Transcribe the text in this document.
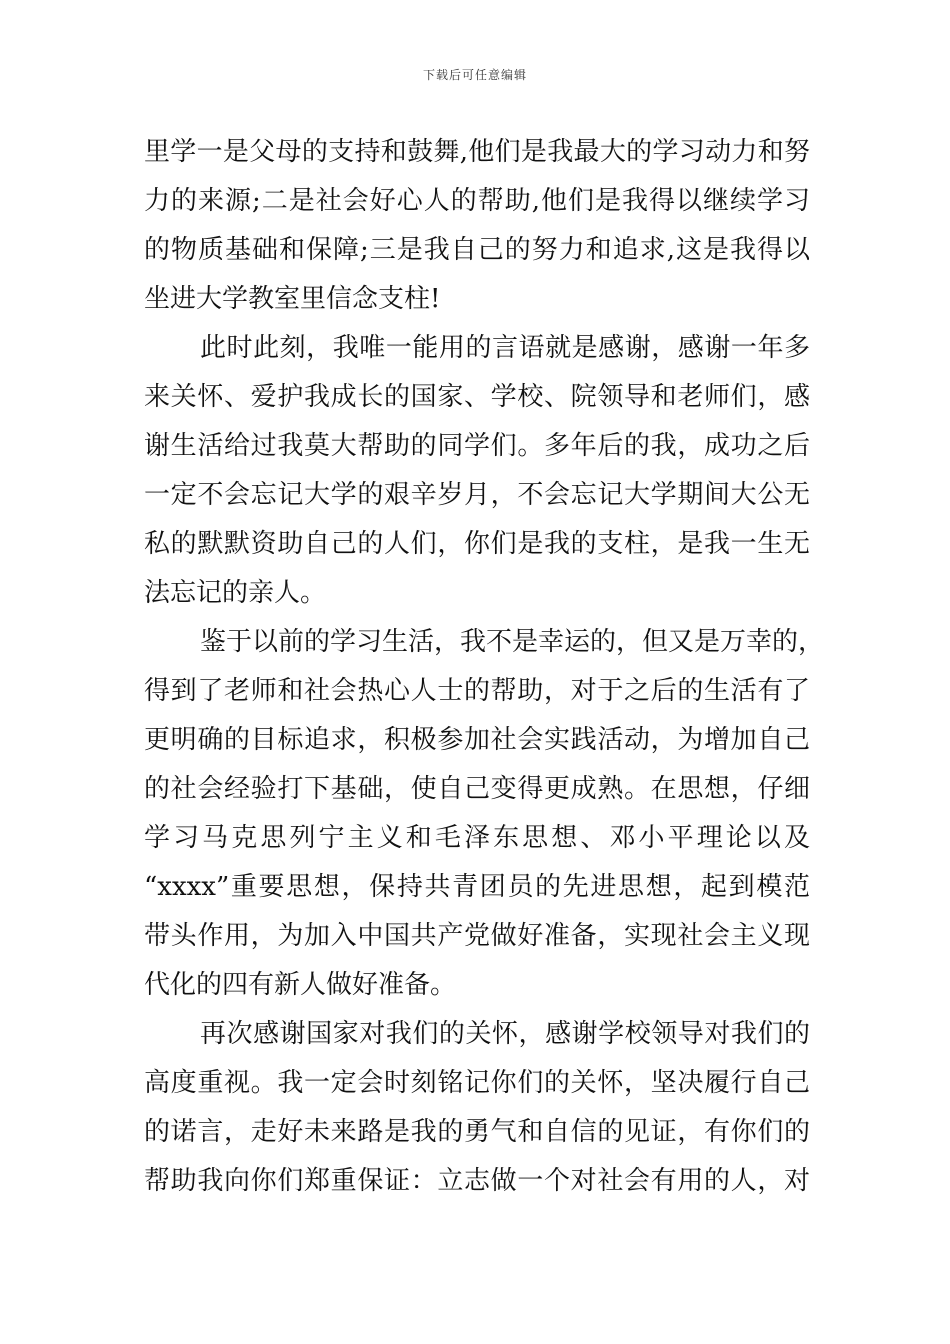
下载后可任意编辑
里学一是父母的支持和鼓舞,他们是我最大的学习动力和努
力的来源;二是社会好心人的帮助,他们是我得以继续学习
的物质基础和保障;三是我自己的努力和追求,这是我得以
坐进大学教室里信念支柱!
此时此刻，我唯一能用的言语就是感谢，感谢一年多
来关怀、爱护我成长的国家、学校、院领导和老师们，感
谢生活给过我莫大帮助的同学们。多年后的我，成功之后
一定不会忘记大学的艰辛岁月，不会忘记大学期间大公无
私的默默资助自己的人们，你们是我的支柱，是我一生无
法忘记的亲人。
鉴于以前的学习生活，我不是幸运的，但又是万幸的，
得到了老师和社会热心人士的帮助，对于之后的生活有了
更明确的目标追求，积极参加社会实践活动，为增加自己
的社会经验打下基础，使自己变得更成熟。在思想，仔细
学习马克思列宁主义和毛泽东思想、邓小平理论以及
“xxxx”重要思想，保持共青团员的先进思想，起到模范
带头作用，为加入中国共产党做好准备，实现社会主义现
代化的四有新人做好准备。
再次感谢国家对我们的关怀，感谢学校领导对我们的
高度重视。我一定会时刻铭记你们的关怀，坚决履行自己
的诺言，走好未来路是我的勇气和自信的见证，有你们的
帮助我向你们郑重保证：立志做一个对社会有用的人，对
